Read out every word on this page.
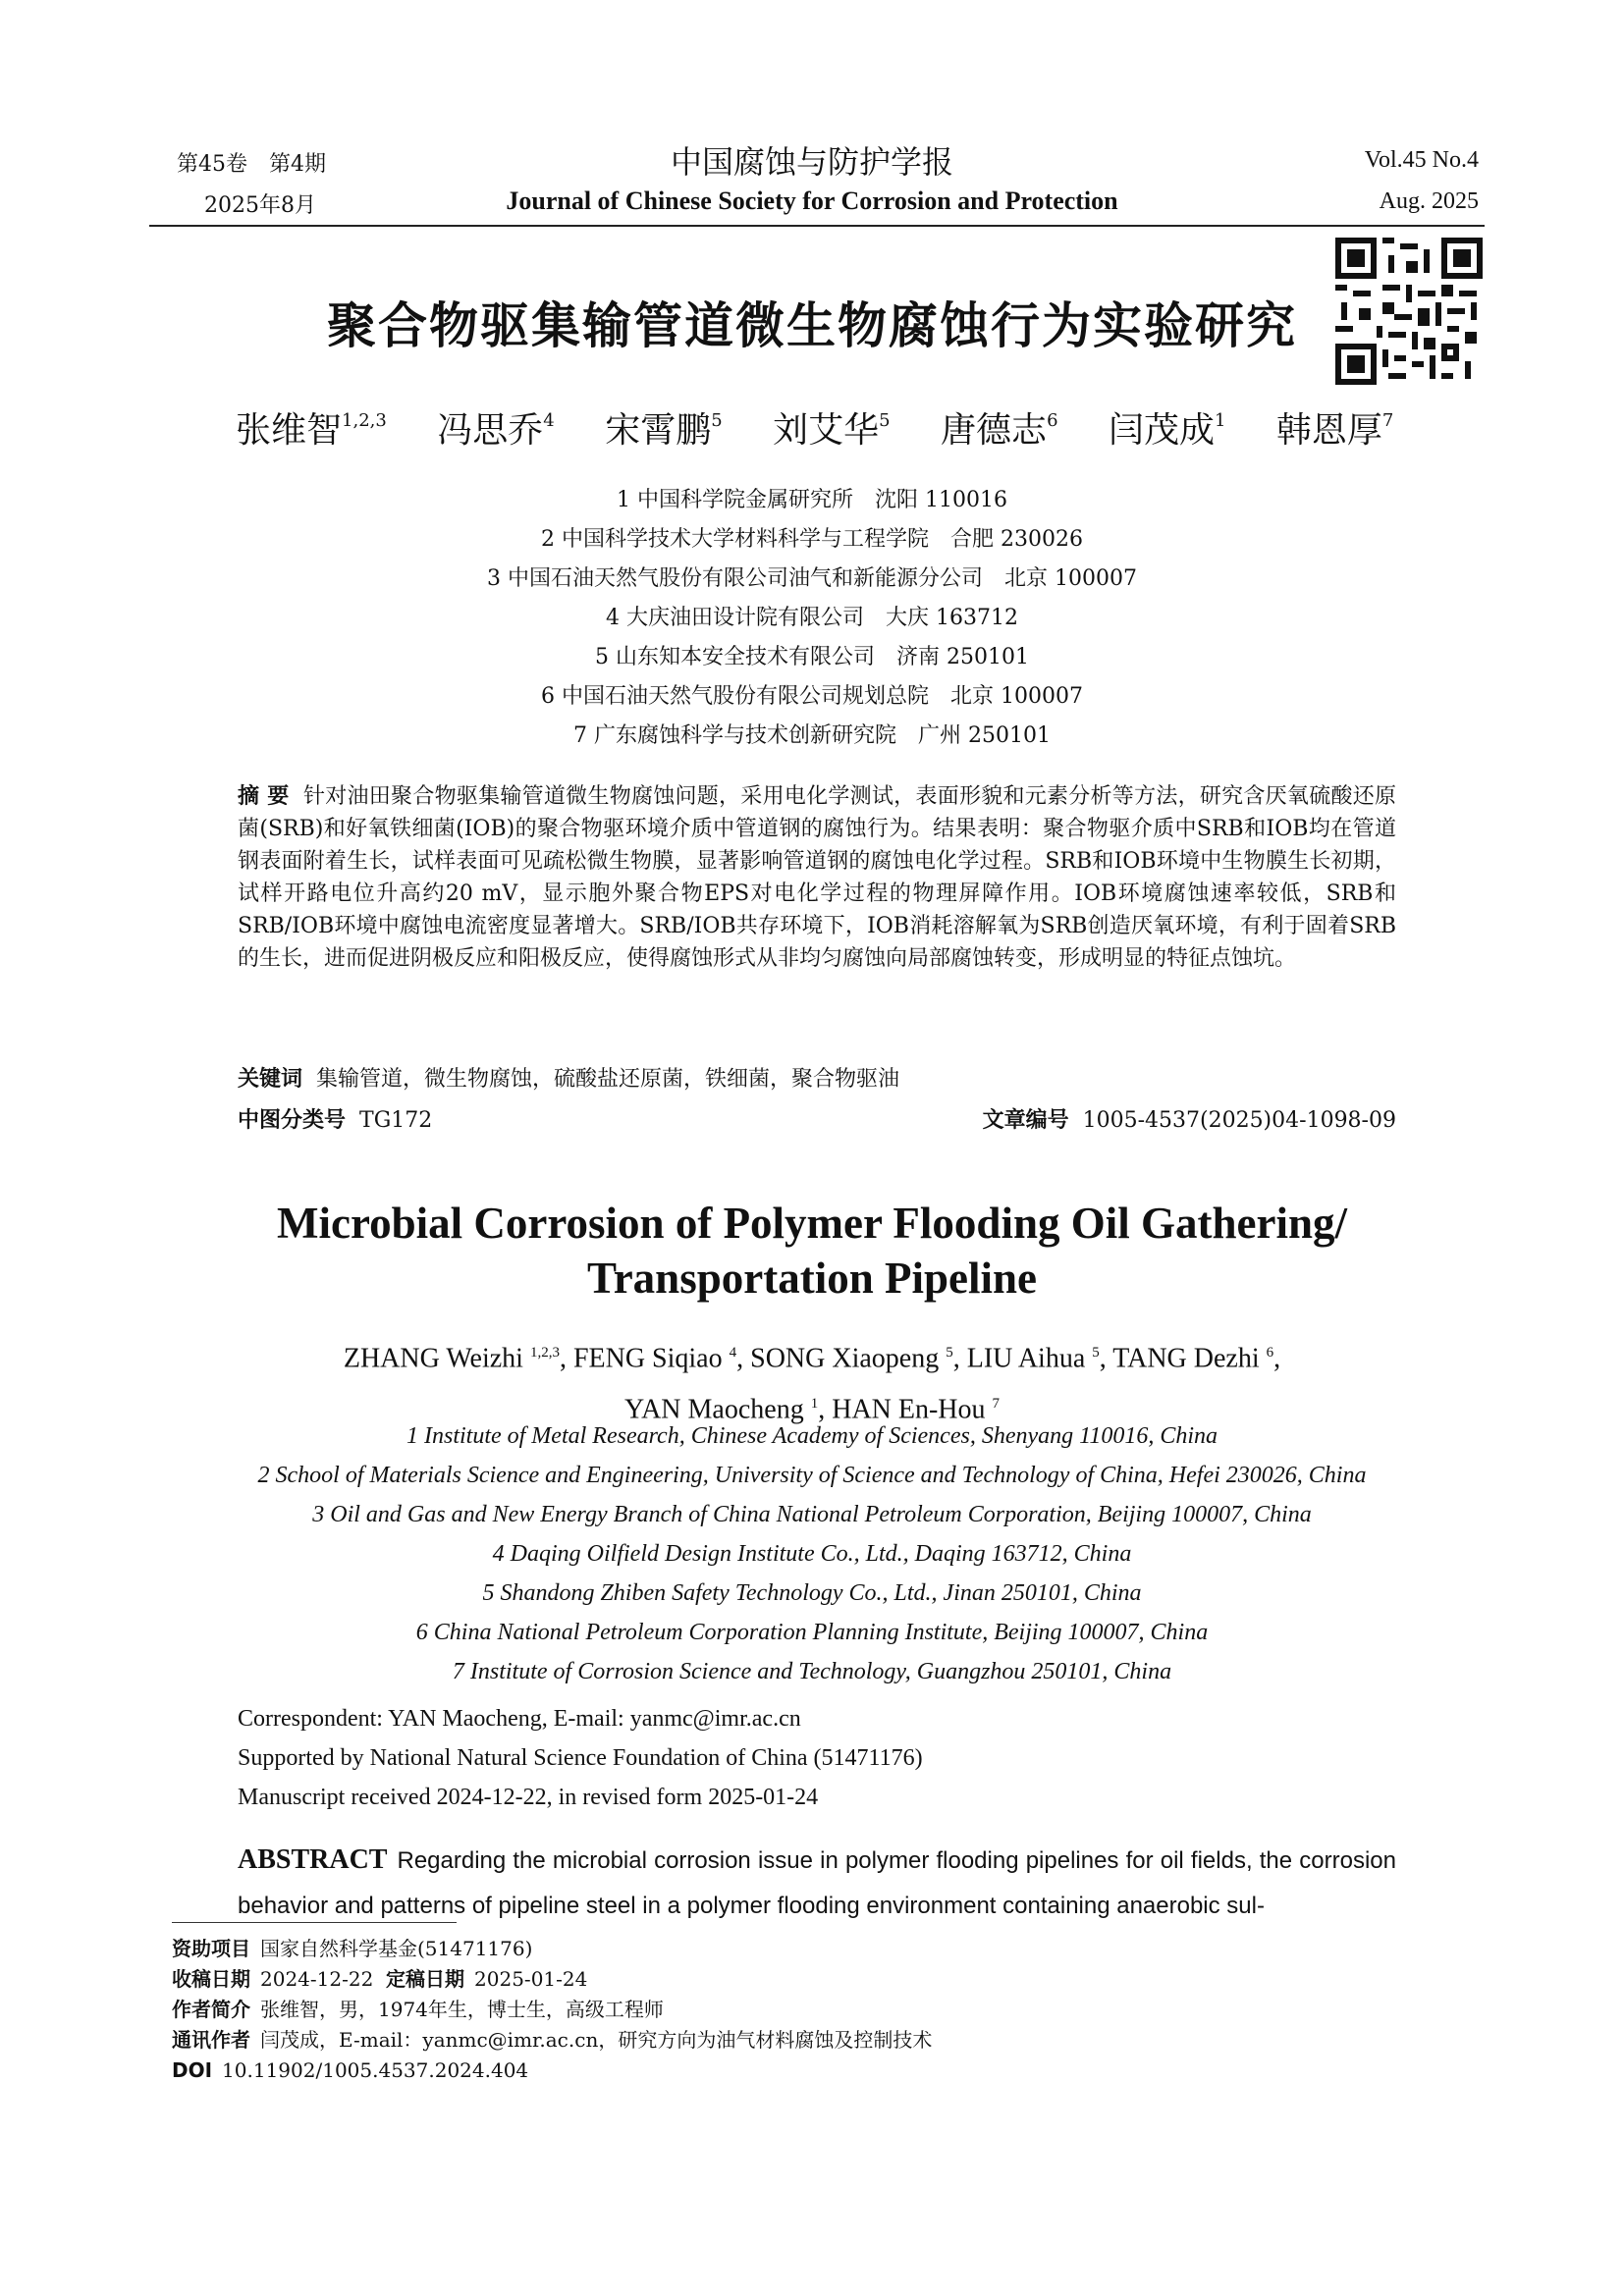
第45卷　第4期
2025年8月
中国腐蚀与防护学报
Journal of Chinese Society for Corrosion and Protection
Vol.45 No.4
Aug. 2025
聚合物驱集输管道微生物腐蚀行为实验研究
张维智$^{1,2,3}$ 冯思乔$^4$ 宋霄鹏$^5$ 刘艾华$^5$ 唐德志$^6$ 闫茂成$^1$ 韩恩厚$^7$
1 中国科学院金属研究所　沈阳 110016
2 中国科学技术大学材料科学与工程学院　合肥 230026
3 中国石油天然气股份有限公司油气和新能源分公司　北京 100007
4 大庆油田设计院有限公司　大庆 163712
5 山东知本安全技术有限公司　济南 250101
6 中国石油天然气股份有限公司规划总院　北京 100007
7 广东腐蚀科学与技术创新研究院　广州 250101
摘 要 针对油田聚合物驱集输管道微生物腐蚀问题，采用电化学测试，表面形貌和元素分析等方法，研究含厌氧硫酸还原菌(SRB)和好氧铁细菌(IOB)的聚合物驱环境介质中管道钢的腐蚀行为。结果表明：聚合物驱介质中SRB和IOB均在管道钢表面附着生长，试样表面可见疏松微生物膜，显著影响管道钢的腐蚀电化学过程。SRB和IOB环境中生物膜生长初期，试样开路电位升高约20 mV，显示胞外聚合物EPS对电化学过程的物理屏障作用。IOB环境腐蚀速率较低，SRB和SRB/IOB环境中腐蚀电流密度显著增大。SRB/IOB共存环境下，IOB消耗溶解氧为SRB创造厌氧环境，有利于固着SRB的生长，进而促进阴极反应和阳极反应，使得腐蚀形式从非均匀腐蚀向局部腐蚀转变，形成明显的特征点蚀坑。
关键词 集输管道，微生物腐蚀，硫酸盐还原菌，铁细菌，聚合物驱油
中图分类号 TG172	文章编号 1005-4537(2025)04-1098-09
Microbial Corrosion of Polymer Flooding Oil Gathering/
Transportation Pipeline
ZHANG Weizhi $^{1,2,3}$, FENG Siqiao $^4$, SONG Xiaopeng $^5$, LIU Aihua $^5$, TANG Dezhi $^6$,
YAN Maocheng $^1$, HAN En-Hou $^7$
1 Institute of Metal Research, Chinese Academy of Sciences, Shenyang 110016, China
2 School of Materials Science and Engineering, University of Science and Technology of China, Hefei 230026, China
3 Oil and Gas and New Energy Branch of China National Petroleum Corporation, Beijing 100007, China
4 Daqing Oilfield Design Institute Co., Ltd., Daqing 163712, China
5 Shandong Zhiben Safety Technology Co., Ltd., Jinan 250101, China
6 China National Petroleum Corporation Planning Institute, Beijing 100007, China
7 Institute of Corrosion Science and Technology, Guangzhou 250101, China
Correspondent: YAN Maocheng, E-mail: yanmc@imr.ac.cn
Supported by National Natural Science Foundation of China (51471176)
Manuscript received 2024-12-22, in revised form 2025-01-24
ABSTRACT Regarding the microbial corrosion issue in polymer flooding pipelines for oil fields, the corrosion behavior and patterns of pipeline steel in a polymer flooding environment containing anaerobic sul-
资助项目 国家自然科学基金(51471176)
收稿日期 2024-12-22 定稿日期 2025-01-24
作者简介 张维智，男，1974年生，博士生，高级工程师
通讯作者 闫茂成，E-mail：yanmc@imr.ac.cn，研究方向为油气材料腐蚀及控制技术
DOI 10.11902/1005.4537.2024.404
